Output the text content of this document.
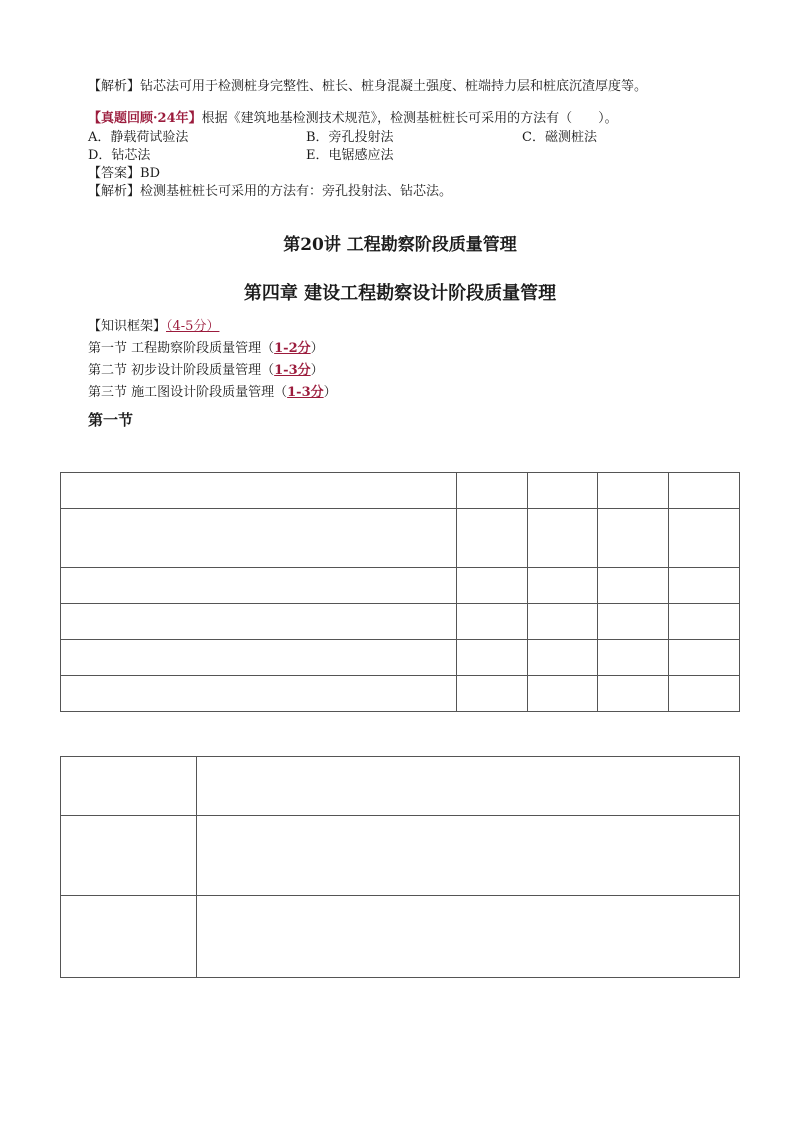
【解析】钻芯法可用于检测桩身完整性、桩长、桩身混凝土强度、桩端持力层和桩底沉渣厚度等。
【真题回顾·24年】根据《建筑地基检测技术规范》，检测基桩桩长可采用的方法有（　　）。
A．静载荷试验法	B．旁孔投射法	C．磁测桩法
D．钻芯法	E．电锯感应法
【答案】BD
【解析】检测基桩桩长可采用的方法有：旁孔投射法、钻芯法。
第20讲 工程勘察阶段质量管理
第四章 建设工程勘察设计阶段质量管理
【知识框架】（4-5分）
第一节 工程勘察阶段质量管理（1-2分）
第二节 初步设计阶段质量管理（1-3分）
第三节 施工图设计阶段质量管理（1-3分）
第一节
